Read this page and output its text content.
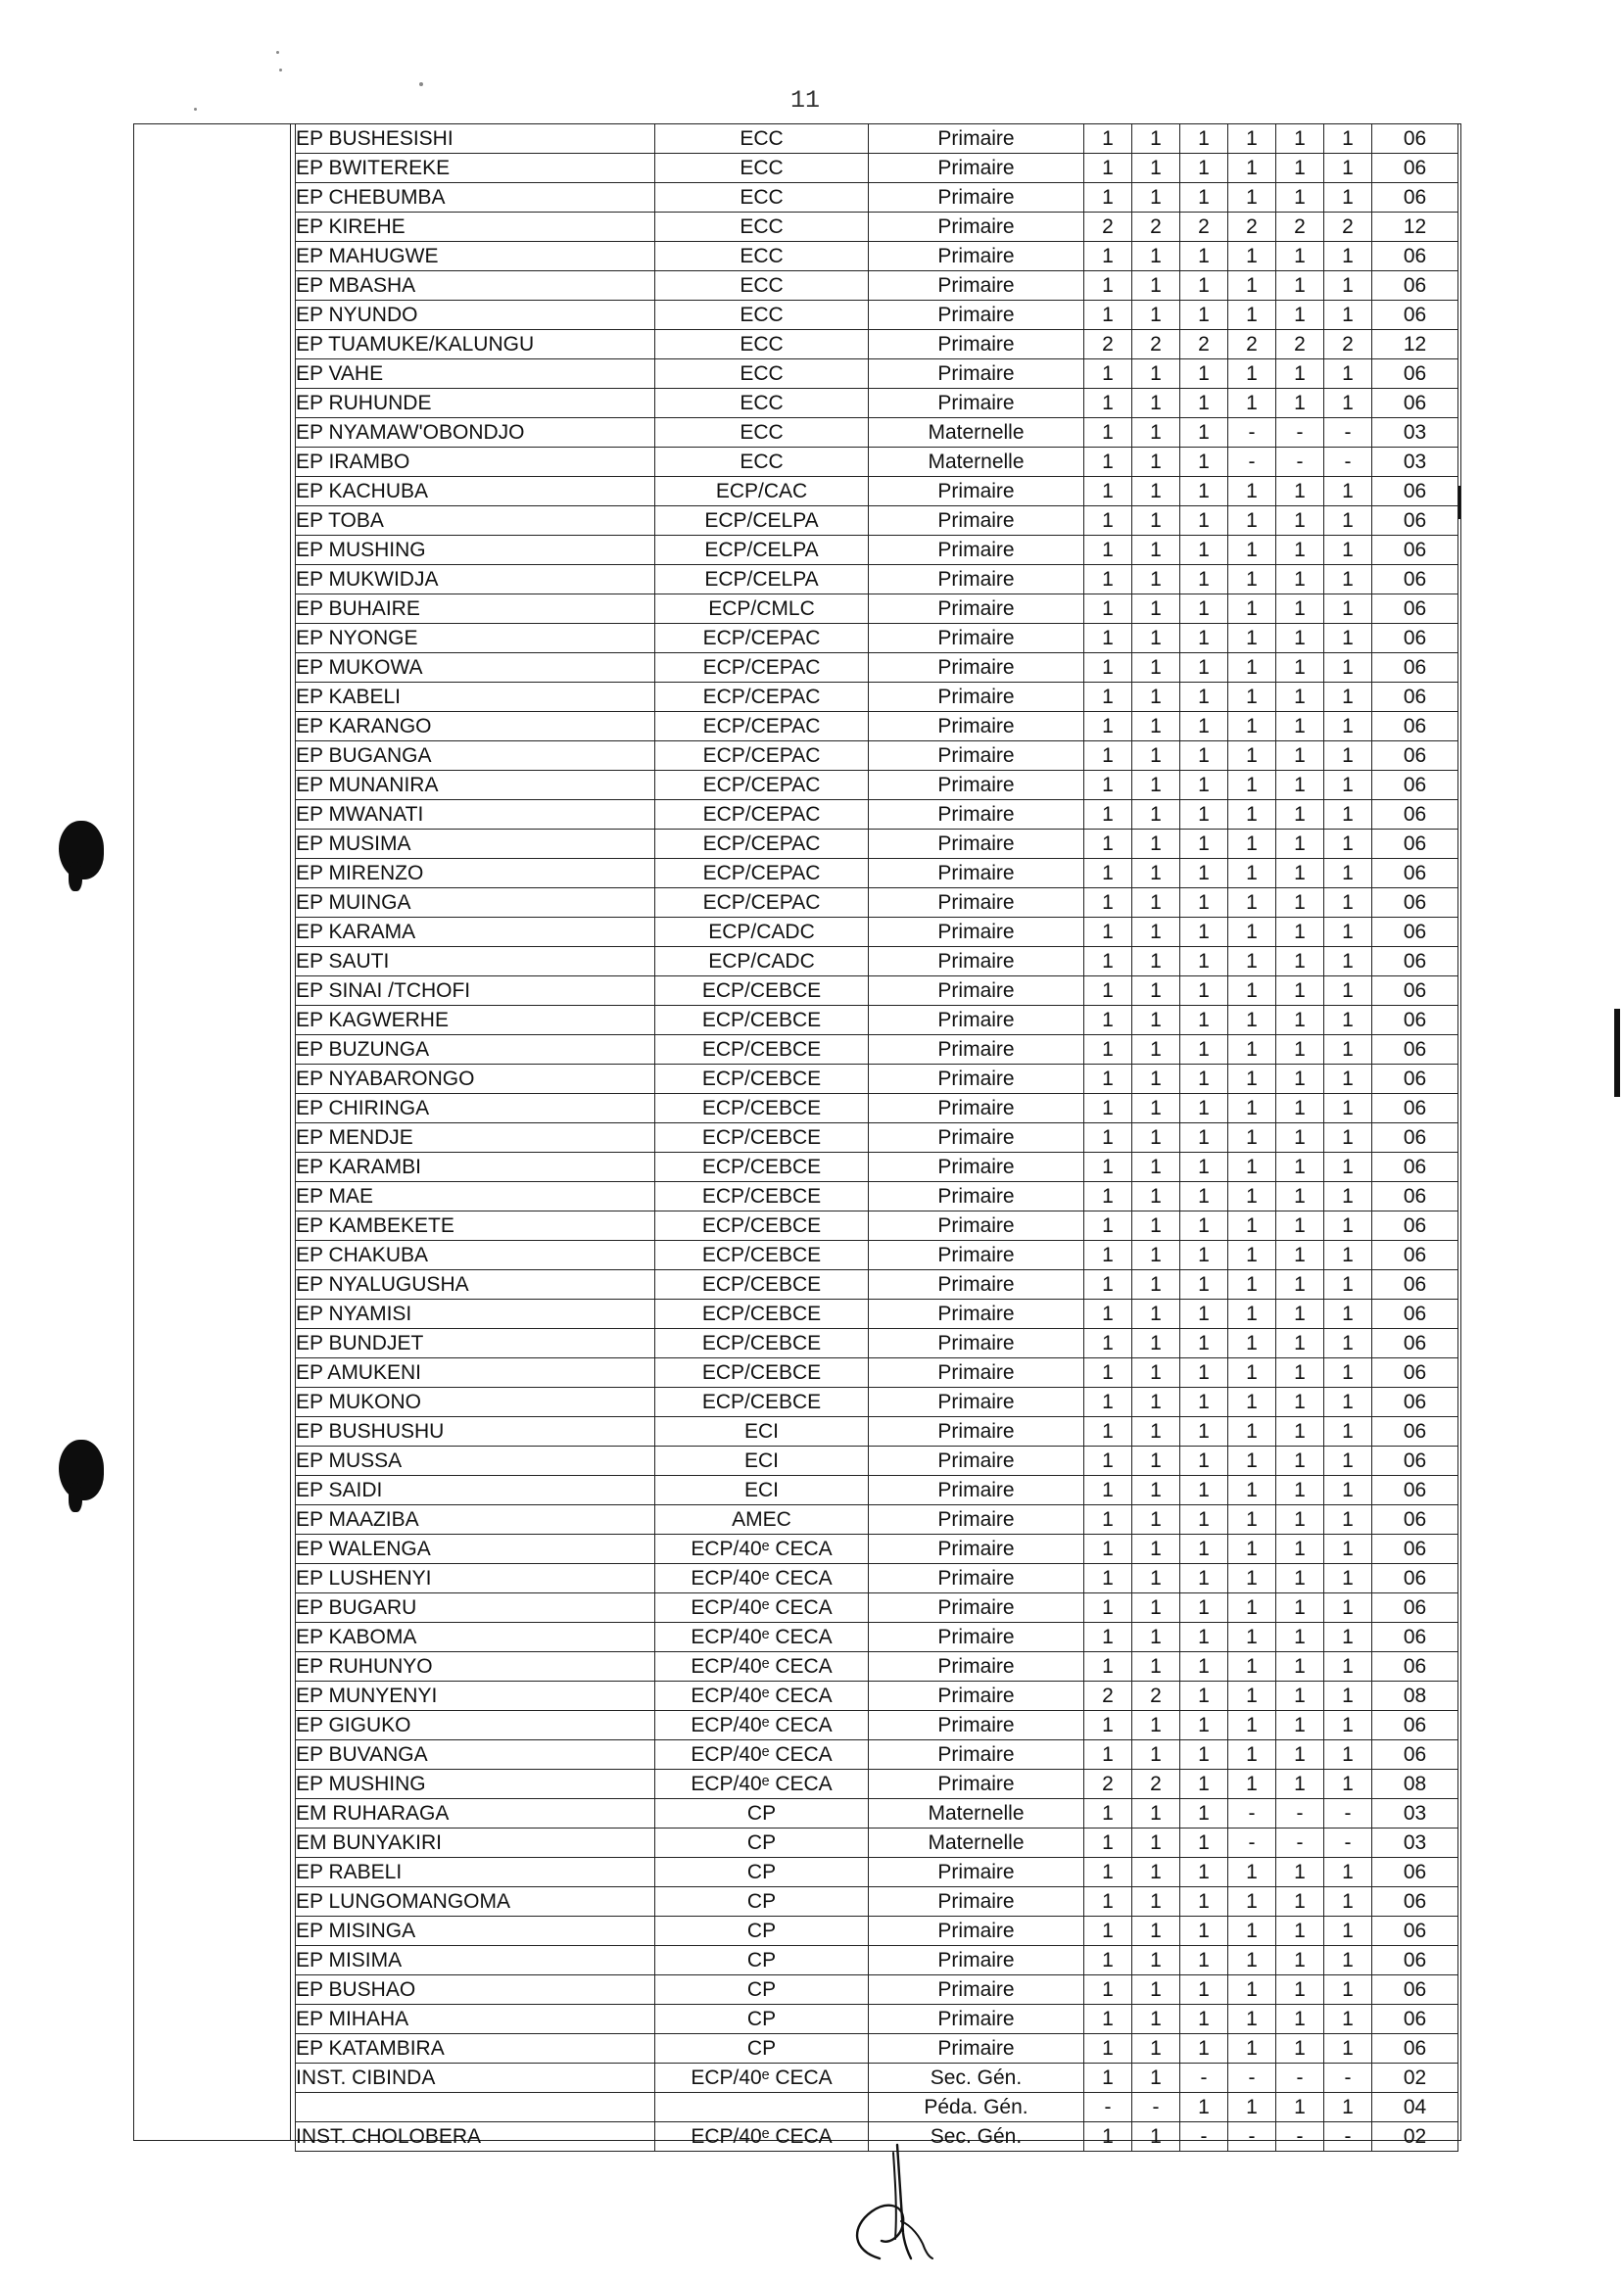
11
EP BUSHESISHI	ECC	Primaire	1	1	1	1	1	1	06
EP BWITEREKE	ECC	Primaire	1	1	1	1	1	1	06
EP CHEBUMBA	ECC	Primaire	1	1	1	1	1	1	06
EP KIREHE	ECC	Primaire	2	2	2	2	2	2	12
EP MAHUGWE	ECC	Primaire	1	1	1	1	1	1	06
EP MBASHA	ECC	Primaire	1	1	1	1	1	1	06
EP NYUNDO	ECC	Primaire	1	1	1	1	1	1	06
EP TUAMUKE/KALUNGU	ECC	Primaire	2	2	2	2	2	2	12
EP VAHE	ECC	Primaire	1	1	1	1	1	1	06
EP RUHUNDE	ECC	Primaire	1	1	1	1	1	1	06
EP NYAMAW'OBONDJO	ECC	Maternelle	1	1	1	-	-	-	03
EP IRAMBO	ECC	Maternelle	1	1	1	-	-	-	03
EP KACHUBA	ECP/CAC	Primaire	1	1	1	1	1	1	06
EP TOBA	ECP/CELPA	Primaire	1	1	1	1	1	1	06
EP MUSHING	ECP/CELPA	Primaire	1	1	1	1	1	1	06
EP MUKWIDJA	ECP/CELPA	Primaire	1	1	1	1	1	1	06
EP BUHAIRE	ECP/CMLC	Primaire	1	1	1	1	1	1	06
EP NYONGE	ECP/CEPAC	Primaire	1	1	1	1	1	1	06
EP MUKOWA	ECP/CEPAC	Primaire	1	1	1	1	1	1	06
EP KABELI	ECP/CEPAC	Primaire	1	1	1	1	1	1	06
EP KARANGO	ECP/CEPAC	Primaire	1	1	1	1	1	1	06
EP BUGANGA	ECP/CEPAC	Primaire	1	1	1	1	1	1	06
EP MUNANIRA	ECP/CEPAC	Primaire	1	1	1	1	1	1	06
EP MWANATI	ECP/CEPAC	Primaire	1	1	1	1	1	1	06
EP MUSIMA	ECP/CEPAC	Primaire	1	1	1	1	1	1	06
EP MIRENZO	ECP/CEPAC	Primaire	1	1	1	1	1	1	06
EP MUINGA	ECP/CEPAC	Primaire	1	1	1	1	1	1	06
EP KARAMA	ECP/CADC	Primaire	1	1	1	1	1	1	06
EP SAUTI	ECP/CADC	Primaire	1	1	1	1	1	1	06
EP SINAI /TCHOFI	ECP/CEBCE	Primaire	1	1	1	1	1	1	06
EP KAGWERHE	ECP/CEBCE	Primaire	1	1	1	1	1	1	06
EP BUZUNGA	ECP/CEBCE	Primaire	1	1	1	1	1	1	06
EP NYABARONGO	ECP/CEBCE	Primaire	1	1	1	1	1	1	06
EP CHIRINGA	ECP/CEBCE	Primaire	1	1	1	1	1	1	06
EP MENDJE	ECP/CEBCE	Primaire	1	1	1	1	1	1	06
EP KARAMBI	ECP/CEBCE	Primaire	1	1	1	1	1	1	06
EP MAE	ECP/CEBCE	Primaire	1	1	1	1	1	1	06
EP KAMBEKETE	ECP/CEBCE	Primaire	1	1	1	1	1	1	06
EP CHAKUBA	ECP/CEBCE	Primaire	1	1	1	1	1	1	06
EP NYALUGUSHA	ECP/CEBCE	Primaire	1	1	1	1	1	1	06
EP NYAMISI	ECP/CEBCE	Primaire	1	1	1	1	1	1	06
EP BUNDJET	ECP/CEBCE	Primaire	1	1	1	1	1	1	06
EP AMUKENI	ECP/CEBCE	Primaire	1	1	1	1	1	1	06
EP MUKONO	ECP/CEBCE	Primaire	1	1	1	1	1	1	06
EP BUSHUSHU	ECI	Primaire	1	1	1	1	1	1	06
EP MUSSA	ECI	Primaire	1	1	1	1	1	1	06
EP SAIDI	ECI	Primaire	1	1	1	1	1	1	06
EP MAAZIBA	AMEC	Primaire	1	1	1	1	1	1	06
EP WALENGA	ECP/40ᵉ CECA	Primaire	1	1	1	1	1	1	06
EP LUSHENYI	ECP/40ᵉ CECA	Primaire	1	1	1	1	1	1	06
EP BUGARU	ECP/40ᵉ CECA	Primaire	1	1	1	1	1	1	06
EP KABOMA	ECP/40ᵉ CECA	Primaire	1	1	1	1	1	1	06
EP RUHUNYO	ECP/40ᵉ CECA	Primaire	1	1	1	1	1	1	06
EP MUNYENYI	ECP/40ᵉ CECA	Primaire	2	2	1	1	1	1	08
EP GIGUKO	ECP/40ᵉ CECA	Primaire	1	1	1	1	1	1	06
EP BUVANGA	ECP/40ᵉ CECA	Primaire	1	1	1	1	1	1	06
EP MUSHING	ECP/40ᵉ CECA	Primaire	2	2	1	1	1	1	08
EM RUHARAGA	CP	Maternelle	1	1	1	-	-	-	03
EM BUNYAKIRI	CP	Maternelle	1	1	1	-	-	-	03
EP RABELI	CP	Primaire	1	1	1	1	1	1	06
EP LUNGOMANGOMA	CP	Primaire	1	1	1	1	1	1	06
EP MISINGA	CP	Primaire	1	1	1	1	1	1	06
EP MISIMA	CP	Primaire	1	1	1	1	1	1	06
EP BUSHAO	CP	Primaire	1	1	1	1	1	1	06
EP MIHAHA	CP	Primaire	1	1	1	1	1	1	06
EP KATAMBIRA	CP	Primaire	1	1	1	1	1	1	06
INST. CIBINDA	ECP/40ᵉ CECA	Sec. Gén.	1	1	-	-	-	-	02
		Péda. Gén.	-	-	1	1	1	1	04
INST. CHOLOBERA	ECP/40ᵉ CECA	Sec. Gén.	1	1	-	-	-	-	02
